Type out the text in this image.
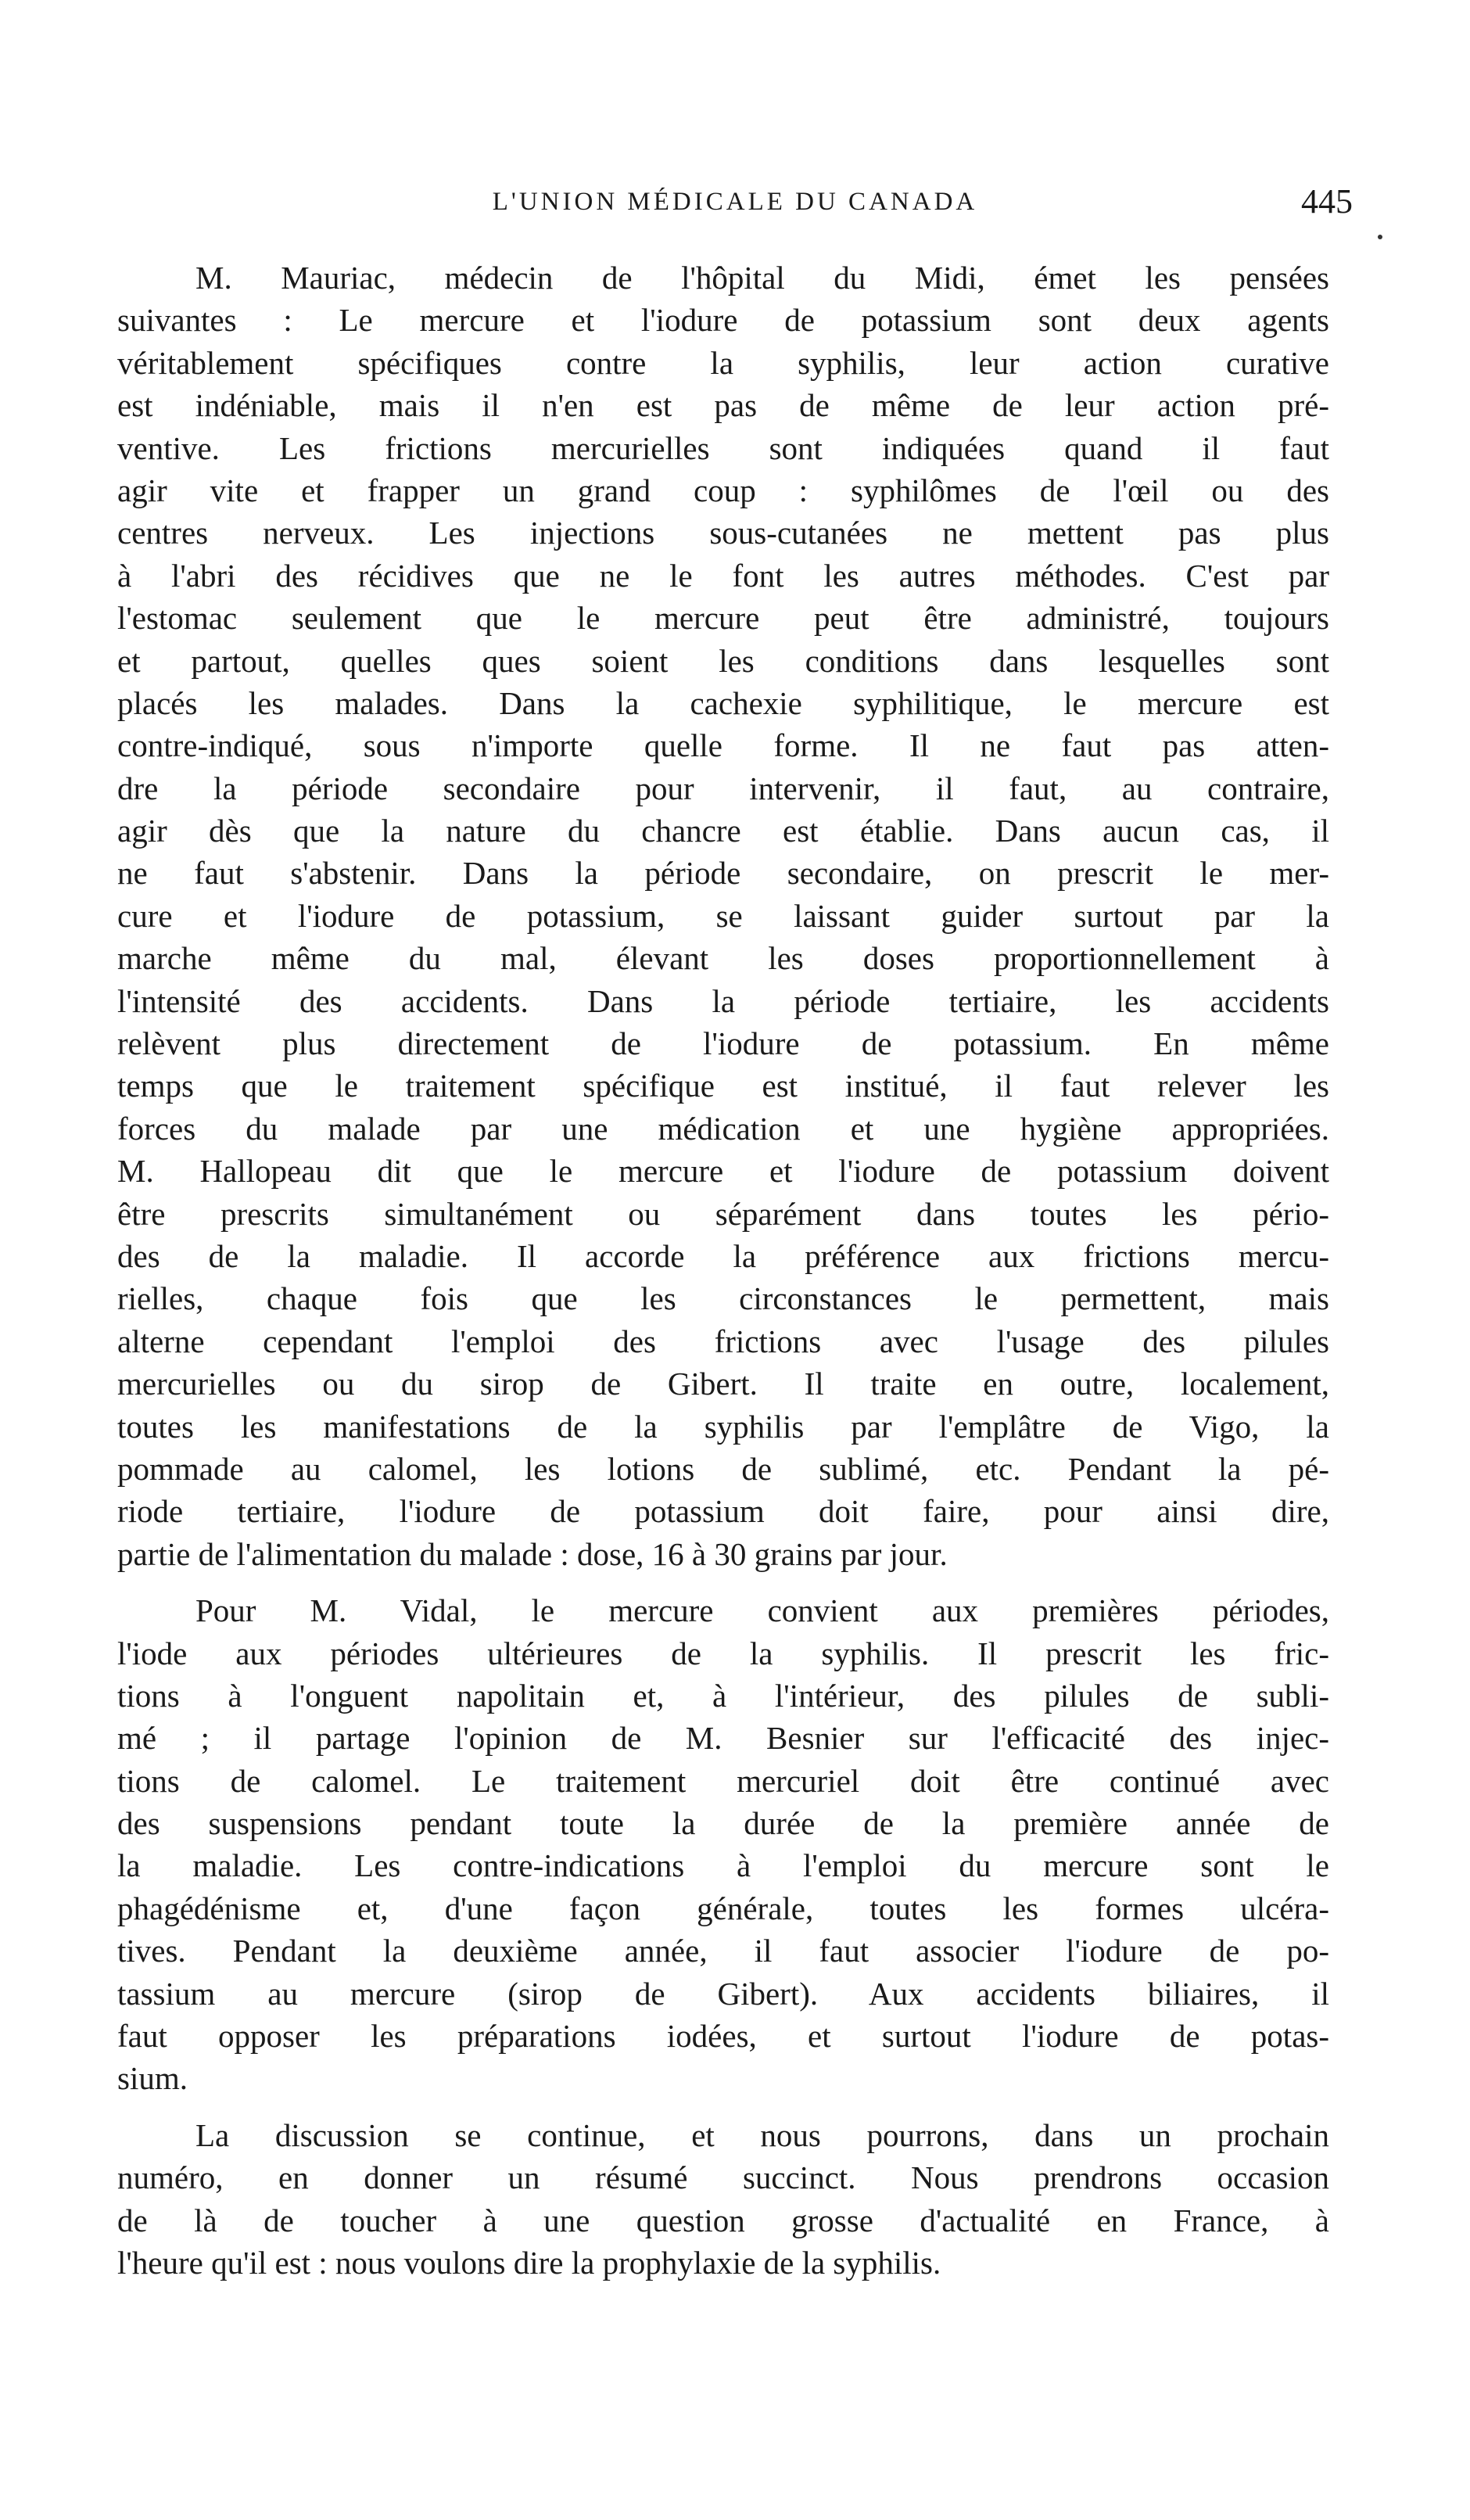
L'UNION MÉDICALE DU CANADA	445
M. Mauriac, médecin de l'hôpital du Midi, émet les pensées
suivantes : Le mercure et l'iodure de potassium sont deux agents
véritablement spécifiques contre la syphilis, leur action curative
est indéniable, mais il n'en est pas de même de leur action pré-
ventive. Les frictions mercurielles sont indiquées quand il faut
agir vite et frapper un grand coup : syphilômes de l'œil ou des
centres nerveux. Les injections sous-cutanées ne mettent pas plus
à l'abri des récidives que ne le font les autres méthodes. C'est par
l'estomac seulement que le mercure peut être administré, toujours
et partout, quelles ques soient les conditions dans lesquelles sont
placés les malades. Dans la cachexie syphilitique, le mercure est
contre-indiqué, sous n'importe quelle forme. Il ne faut pas atten-
dre la période secondaire pour intervenir, il faut, au contraire,
agir dès que la nature du chancre est établie. Dans aucun cas, il
ne faut s'abstenir. Dans la période secondaire, on prescrit le mer-
cure et l'iodure de potassium, se laissant guider surtout par la
marche même du mal, élevant les doses proportionnellement à
l'intensité des accidents. Dans la période tertiaire, les accidents
relèvent plus directement de l'iodure de potassium. En même
temps que le traitement spécifique est institué, il faut relever les
forces du malade par une médication et une hygiène appropriées.
M. Hallopeau dit que le mercure et l'iodure de potassium doivent
être prescrits simultanément ou séparément dans toutes les pério-
des de la maladie. Il accorde la préférence aux frictions mercu-
rielles, chaque fois que les circonstances le permettent, mais
alterne cependant l'emploi des frictions avec l'usage des pilules
mercurielles ou du sirop de Gibert. Il traite en outre, localement,
toutes les manifestations de la syphilis par l'emplâtre de Vigo, la
pommade au calomel, les lotions de sublimé, etc. Pendant la pé-
riode tertiaire, l'iodure de potassium doit faire, pour ainsi dire,
partie de l'alimentation du malade : dose, 16 à 30 grains par jour.
Pour M. Vidal, le mercure convient aux premières périodes,
l'iode aux périodes ultérieures de la syphilis. Il prescrit les fric-
tions à l'onguent napolitain et, à l'intérieur, des pilules de subli-
mé ; il partage l'opinion de M. Besnier sur l'efficacité des injec-
tions de calomel. Le traitement mercuriel doit être continué avec
des suspensions pendant toute la durée de la première année de
la maladie. Les contre-indications à l'emploi du mercure sont le
phagédénisme et, d'une façon générale, toutes les formes ulcéra-
tives. Pendant la deuxième année, il faut associer l'iodure de po-
tassium au mercure (sirop de Gibert). Aux accidents biliaires, il
faut opposer les préparations iodées, et surtout l'iodure de potas-
sium.
La discussion se continue, et nous pourrons, dans un prochain
numéro, en donner un résumé succinct. Nous prendrons occasion
de là de toucher à une question grosse d'actualité en France, à
l'heure qu'il est : nous voulons dire la prophylaxie de la syphilis.
